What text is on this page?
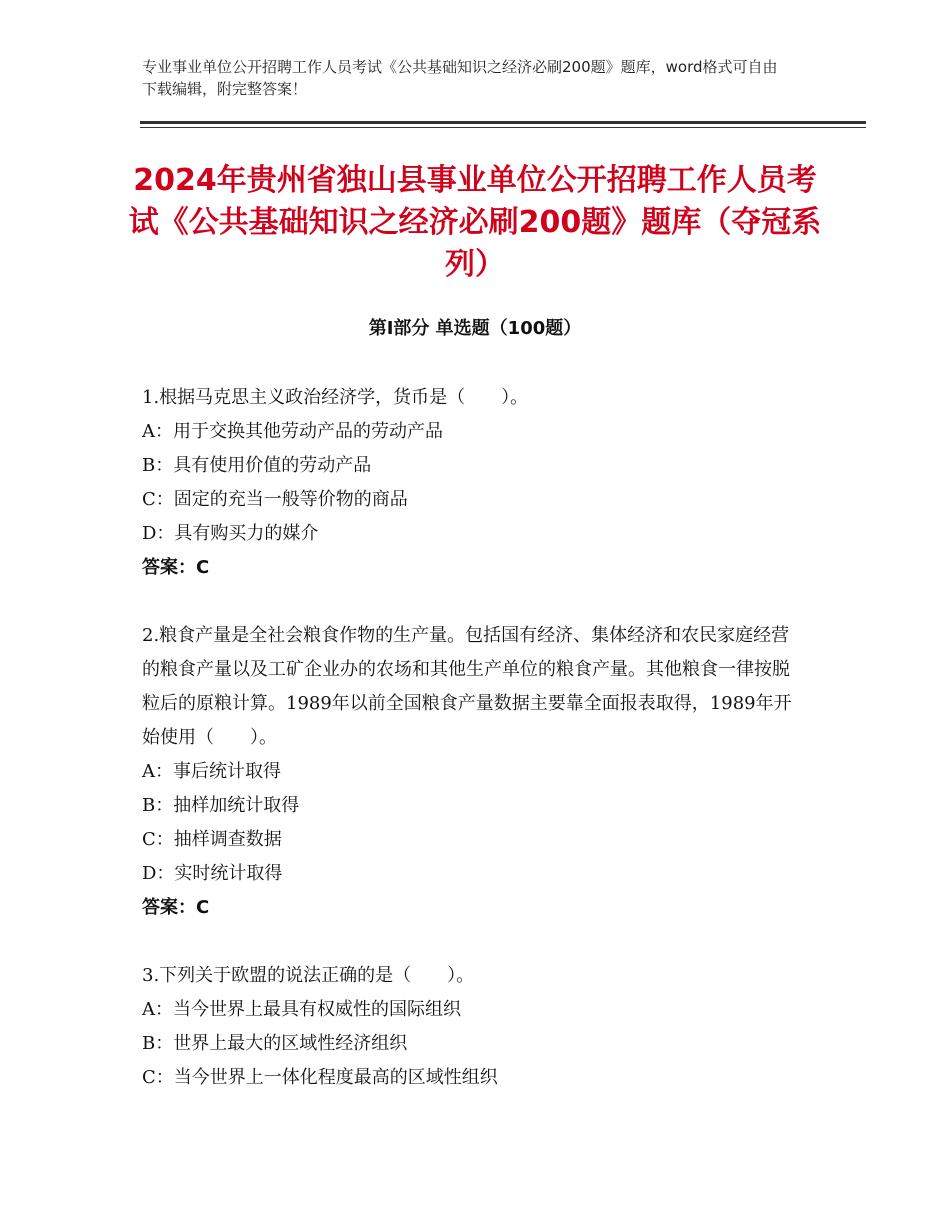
专业事业单位公开招聘工作人员考试《公共基础知识之经济必刷200题》题库，word格式可自由下载编辑，附完整答案！
2024年贵州省独山县事业单位公开招聘工作人员考试《公共基础知识之经济必刷200题》题库（夺冠系列）
第Ⅰ部分 单选题（100题）

1.根据马克思主义政治经济学，货币是（　　）。

A：用于交换其他劳动产品的劳动产品

B：具有使用价值的劳动产品

C：固定的充当一般等价物的商品

D：具有购买力的媒介

答案：C

2.粮食产量是全社会粮食作物的生产量。包括国有经济、集体经济和农民家庭经营的粮食产量以及工矿企业办的农场和其他生产单位的粮食产量。其他粮食一律按脱粒后的原粮计算。1989年以前全国粮食产量数据主要靠全面报表取得，1989年开始使用（　　）。

A：事后统计取得

B：抽样加统计取得

C：抽样调查数据

D：实时统计取得

答案：C

3.下列关于欧盟的说法正确的是（　　）。

A：当今世界上最具有权威性的国际组织

B：世界上最大的区域性经济组织

C：当今世界上一体化程度最高的区域性组织
